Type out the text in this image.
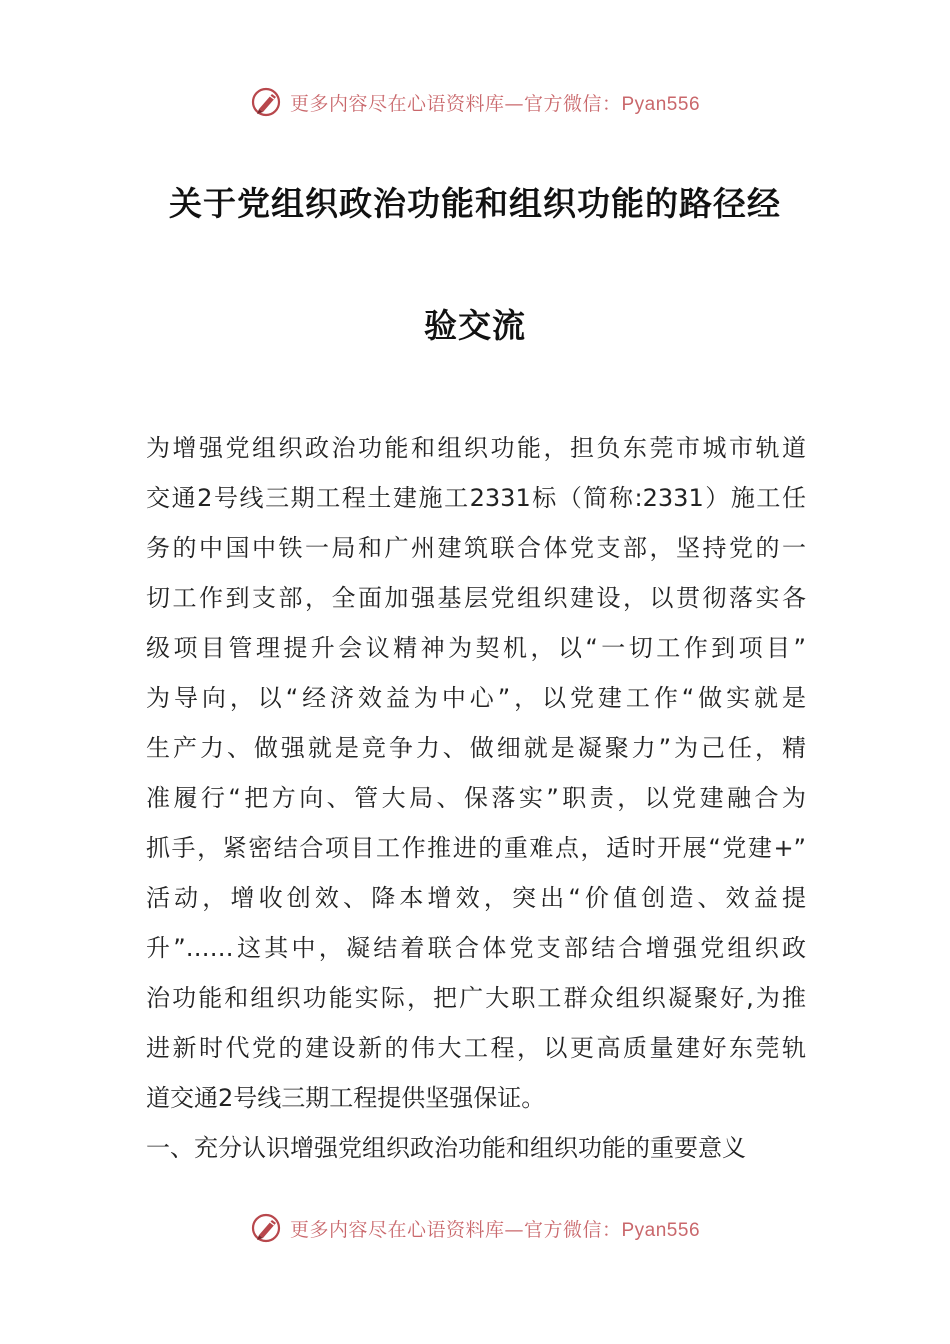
更多内容尽在心语资料库—官方微信：Pyan556
关于党组织政治功能和组织功能的路径经
验交流
为增强党组织政治功能和组织功能，担负东莞市城市轨道
交通2号线三期工程土建施工2331标（简称:2331）施工任
务的中国中铁一局和广州建筑联合体党支部，坚持党的一
切工作到支部，全面加强基层党组织建设，以贯彻落实各
级项目管理提升会议精神为契机，以“一切工作到项目”
为导向，以“经济效益为中心”，以党建工作“做实就是
生产力、做强就是竞争力、做细就是凝聚力”为己任，精
准履行“把方向、管大局、保落实”职责，以党建融合为
抓手，紧密结合项目工作推进的重难点，适时开展“党建+”
活动，增收创效、降本增效，突出“价值创造、效益提
升”……这其中，凝结着联合体党支部结合增强党组织政
治功能和组织功能实际，把广大职工群众组织凝聚好,为推
进新时代党的建设新的伟大工程，以更高质量建好东莞轨
道交通2号线三期工程提供坚强保证。
一、充分认识增强党组织政治功能和组织功能的重要意义
更多内容尽在心语资料库—官方微信：Pyan556
